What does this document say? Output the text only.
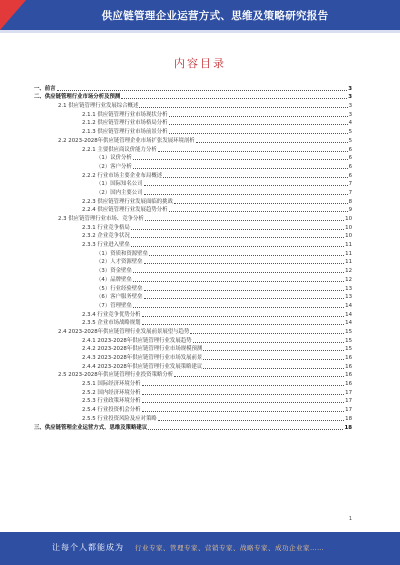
供应链管理企业运营方式、思维及策略研究报告
内容目录
一、前言	3
二、供应链管理行业市场分析及预测	3
2.1 供应链管理行业发展综合概述	3
2.1.1 供应链管理行业市场现状分析	3
2.1.2 供应链管理行业市场格局分析	4
2.1.3 供应链管理行业市场前景分析	5
2.2 2023-2028年供应链管理企业市场扩张发展环境剖析	5
2.2.1 主要供应商议价能力分析	6
（1）议价分析	6
（2）客户分析	6
2.2.2 行业市场主要企业布局概述	6
（1）国际知名公司	7
（2）国内主要公司	7
2.2.3 供应链管理行业发展面临的挑战	8
2.2.4 供应链管理行业发展趋势分析	9
2.3 供应链管理行业市场、竞争分析	10
2.3.1 行业竞争格局	10
2.3.2 企业竞争状况	10
2.3.3 行业进入壁垒	11
（1）资质和资源壁垒	11
（2）人才资源壁垒	11
（3）资金壁垒	12
（4）品牌壁垒	12
（5）行业经验壁垒	13
（6）客户服务壁垒	13
（7）管理壁垒	14
2.3.4 行业竞争优势分析	14
2.3.5 企业市场战略规划	14
2.4 2023-2028年供应链管理行业发展前景展望与趋势	15
2.4.1 2023-2028年供应链管理行业发展趋势	15
2.4.2 2023-2028年供应链管理行业市场规模预测	15
2.4.3 2023-2028年供应链管理行业市场发展前景	16
2.4.4 2023-2028年供应链管理行业发展策略建议	16
2.5 2023-2028年供应链管理行业投资策略分析	16
2.5.1 国际经济环境分析	16
2.5.2 国内经济环境分析	17
2.5.3 行业政策环境分析	17
2.5.4 行业投资机会分析	17
2.5.5 行业投资风险及应对策略	18
三、供应链管理企业运营方式、思维及策略建议	18
1
让每个人都能成为 行业专家、管理专家、营销专家、战略专家、成功企业家……
